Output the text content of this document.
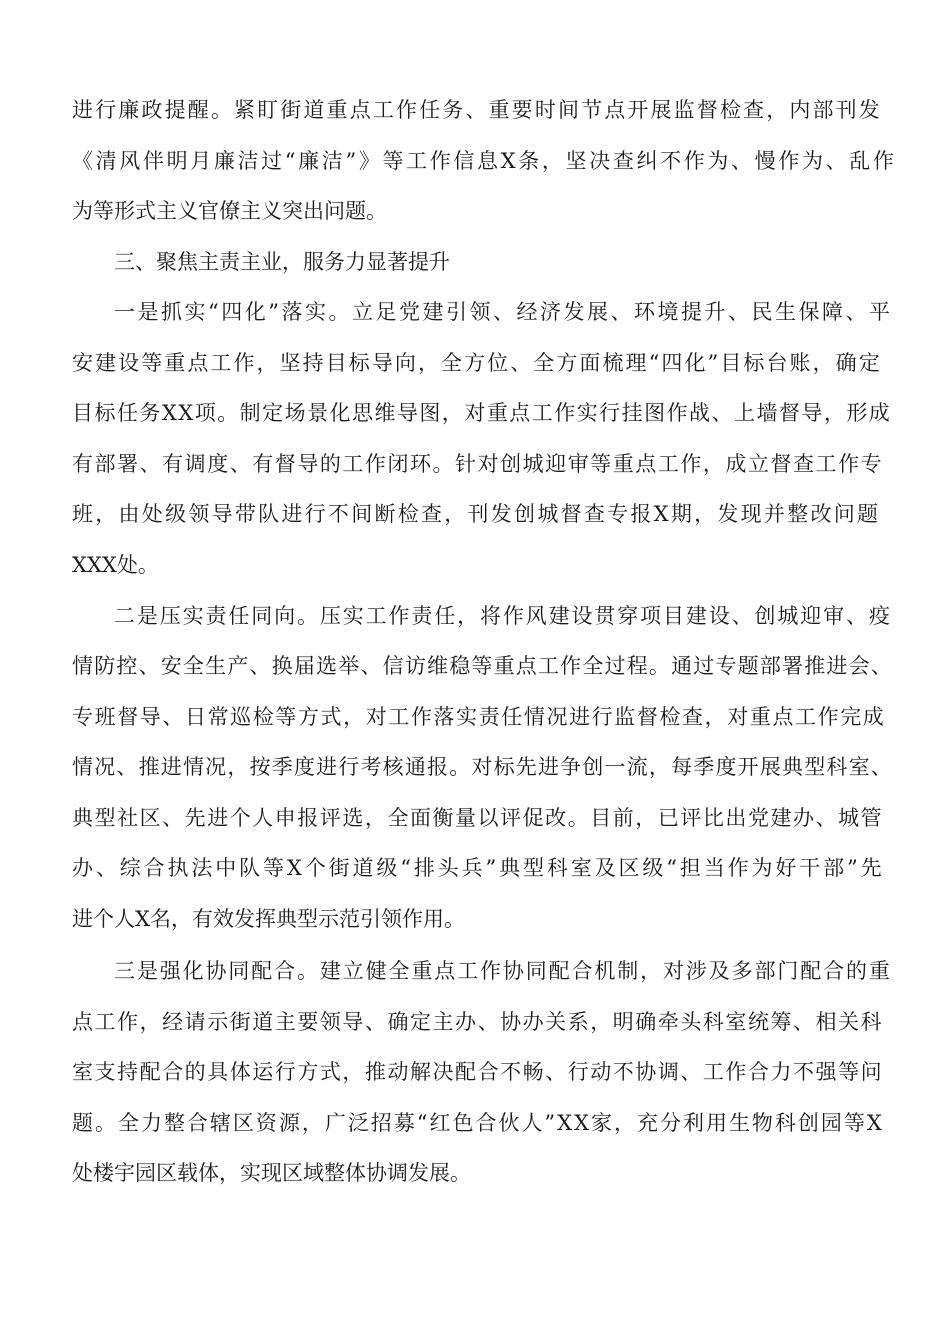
进 行 廉 政 提 醒 。 紧 盯 街 道 重 点 工 作 任 务 、 重 要 时 间 节 点 开 展 监 督 检 查 ， 内 部 刊 发
《 清 风 伴 明 月 廉 洁 过 “ 廉 洁 ” 》 等 工 作 信 息 X 条 ， 坚 决 查 纠 不 作 为 、 慢 作 为 、 乱 作
为等形式主义官僚主义突出问题。
三、聚焦主责主业，服务力显著提升
一 是 抓 实 “ 四 化 ” 落 实 。 立 足 党 建 引 领 、 经 济 发 展 、 环 境 提 升 、 民 生 保 障 、 平
安 建 设 等 重 点 工 作 ， 坚 持 目 标 导 向 ， 全 方 位 、 全 方 面 梳 理 “ 四 化 ” 目 标 台 账 ， 确 定
目 标 任 务 X X 项 。 制 定 场 景 化 思 维 导 图 ， 对 重 点 工 作 实 行 挂 图 作 战 、 上 墙 督 导 ， 形 成
有 部 署 、 有 调 度 、 有 督 导 的 工 作 闭 环 。 针 对 创 城 迎 审 等 重 点 工 作 ， 成 立 督 查 工 作 专
班 ， 由 处 级 领 导 带 队 进 行 不 间 断 检 查 ， 刊 发 创 城 督 查 专 报 X 期 ， 发 现 并 整 改 问 题
XXX处。
二 是 压 实 责 任 同 向 。 压 实 工 作 责 任 ， 将 作 风 建 设 贯 穿 项 目 建 设 、 创 城 迎 审 、 疫
情 防 控 、 安 全 生 产 、 换 届 选 举 、 信 访 维 稳 等 重 点 工 作 全 过 程 。 通 过 专 题 部 署 推 进 会 、
专 班 督 导 、 日 常 巡 检 等 方 式 ， 对 工 作 落 实 责 任 情 况 进 行 监 督 检 查 ， 对 重 点 工 作 完 成
情 况 、 推 进 情 况 ， 按 季 度 进 行 考 核 通 报 。 对 标 先 进 争 创 一 流 ， 每 季 度 开 展 典 型 科 室 、
典 型 社 区 、 先 进 个 人 申 报 评 选 ， 全 面 衡 量 以 评 促 改 。 目 前 ， 已 评 比 出 党 建 办 、 城 管
办 、 综 合 执 法 中 队 等 X 个 街 道 级 “ 排 头 兵 ” 典 型 科 室 及 区 级 “ 担 当 作 为 好 干 部 ” 先
进个人X名，有效发挥典型示范引领作用。
三 是 强 化 协 同 配 合 。 建 立 健 全 重 点 工 作 协 同 配 合 机 制 ， 对 涉 及 多 部 门 配 合 的 重
点 工 作 ， 经 请 示 街 道 主 要 领 导 、 确 定 主 办 、 协 办 关 系 ， 明 确 牵 头 科 室 统 筹 、 相 关 科
室 支 持 配 合 的 具 体 运 行 方 式 ， 推 动 解 决 配 合 不 畅 、 行 动 不 协 调 、 工 作 合 力 不 强 等 问
题 。 全 力 整 合 辖 区 资 源 ， 广 泛 招 募 “ 红 色 合 伙 人 ” X X 家 ， 充 分 利 用 生 物 科 创 园 等 X
处楼宇园区载体，实现区域整体协调发展。
